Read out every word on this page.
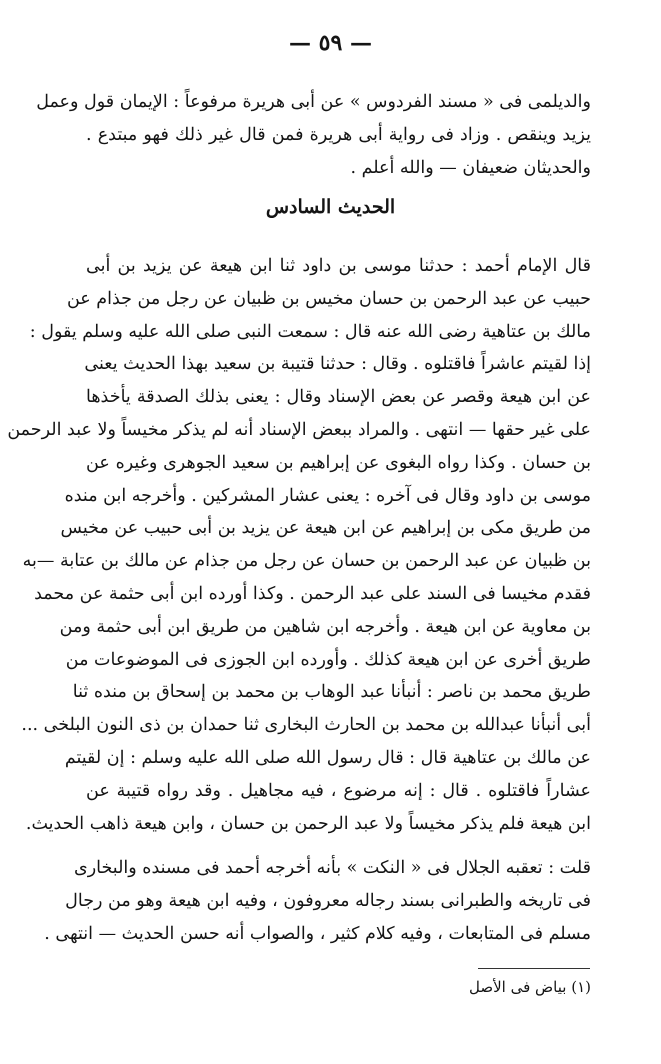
— ٥٩ —
والديلمى فى « مسند الفردوس » عن أبى هريرة مرفوعاً : الإيمان قول وعمل
يزيد وينقص . وزاد فى رواية أبى هريرة فمن قال غير ذلك فهو مبتدع .
والحديثان ضعيفان — والله أعلم .
الحديث السادس
قال الإمام أحمد : حدثنا موسى بن داود ثنا ابن هيعة عن يزيد بن أبى
حبيب عن عبد الرحمن بن حسان مخيس بن ظبيان عن رجل من جذام عن
مالك بن عتاهية رضى الله عنه قال : سمعت النبى صلى الله عليه وسلم يقول :
إذا لقيتم عاشراً فاقتلوه . وقال : حدثنا قتيبة بن سعيد بهذا الحديث يعنى
عن ابن هيعة وقصر عن بعض الإسناد وقال : يعنى بذلك الصدقة يأخذها
على غير حقها — انتهى . والمراد ببعض الإسناد أنه لم يذكر مخيساً ولا عبد الرحمن
بن حسان . وكذا رواه البغوى عن إبراهيم بن سعيد الجوهرى وغيره عن
موسى بن داود وقال فى آخره : يعنى عشار المشركين . وأخرجه ابن منده
من طريق مكى بن إبراهيم عن ابن هيعة عن يزيد بن أبى حبيب عن مخيس
بن ظبيان عن عبد الرحمن بن حسان عن رجل من جذام عن مالك بن عتابة —به
فقدم مخيسا فى السند على عبد الرحمن . وكذا أورده ابن أبى حثمة عن محمد
بن معاوية عن ابن هيعة . وأخرجه ابن شاهين من طريق ابن أبى حثمة ومن
طريق أخرى عن ابن هيعة كذلك . وأورده ابن الجوزى فى الموضوعات من
طريق محمد بن ناصر : أنبأنا عبد الوهاب بن محمد بن إسحاق بن منده ثنا
أبى أنبأنا عبدالله بن محمد بن الحارث البخارى ثنا حمدان بن ذى النون البلخى ...
عن مالك بن عتاهية قال : قال رسول الله صلى الله عليه وسلم : إن لقيتم
عشاراً فاقتلوه . قال : إنه مرضوع ، فيه مجاهيل . وقد رواه قتيبة عن
ابن هيعة فلم يذكر مخيساً ولا عبد الرحمن بن حسان ، وابن هيعة ذاهب الحديث.
قلت : تعقبه الجلال فى « النكت » بأنه أخرجه أحمد فى مسنده والبخارى
فى تاريخه والطبرانى بسند رجاله معروفون ، وفيه ابن هيعة وهو من رجال
مسلم فى المتابعات ، وفيه كلام كثير ، والصواب أنه حسن الحديث — انتهى .
(١) بياض فى الأصل
